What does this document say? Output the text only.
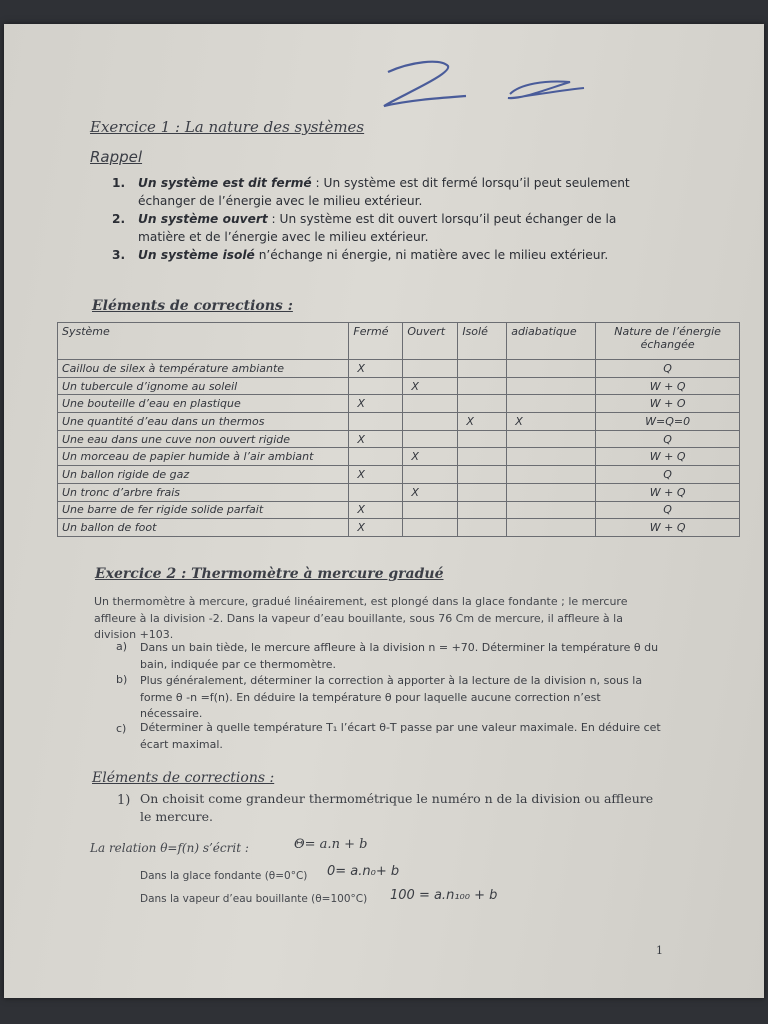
Exercice 1 : La nature des systèmes
Rappel
1. Un système est dit fermé : Un système est dit fermé lorsqu’il peut seulement échanger de l’énergie avec le milieu extérieur.
2. Un système ouvert : Un système est dit ouvert lorsqu’il peut échanger de la matière et de l’énergie avec le milieu extérieur.
3. Un système isolé n’échange ni énergie, ni matière avec le milieu extérieur.
Eléments de corrections :
Système	Fermé	Ouvert	Isolé	adiabatique	Nature de l’énergie échangée
Caillou de silex à température ambiante	X				Q
Un tubercule d’ignome au soleil		X			W + Q
Une bouteille d’eau en plastique	X				W + O
Une quantité d’eau dans un thermos			X	X	W=Q=0
Une eau dans une cuve non ouvert rigide	X				Q
Un morceau de papier humide à l’air ambiant		X			W + Q
Un ballon rigide de gaz	X				Q
Un tronc d’arbre frais		X			W + Q
Une barre de fer rigide solide parfait	X				Q
Un ballon de foot	X				W + Q
Exercice 2 : Thermomètre à mercure gradué
Un thermomètre à mercure, gradué linéairement, est plongé dans la glace fondante ; le mercure affleure à la division -2. Dans la vapeur d’eau bouillante, sous 76 Cm de mercure, il affleure à la division +103.
a) Dans un bain tiède, le mercure affleure à la division n = +70. Déterminer la température θ du bain, indiquée par ce thermomètre.
b) Plus généralement, déterminer la correction à apporter à la lecture de la division n, sous la forme θ -n =f(n). En déduire la température θ pour laquelle aucune correction n’est nécessaire.
c) Déterminer à quelle température T₁ l’écart θ-T passe par une valeur maximale. En déduire cet écart maximal.
Eléments de corrections :
1) On choisit come grandeur thermométrique le numéro n de la division ou affleure le mercure.
La relation θ=f(n) s’écrit :	Θ= a.n + b
Dans la glace fondante (θ=0°C) 0= a.n₀+ b
Dans la vapeur d’eau bouillante (θ=100°C) 100 = a.n₁₀₀ + b
1
